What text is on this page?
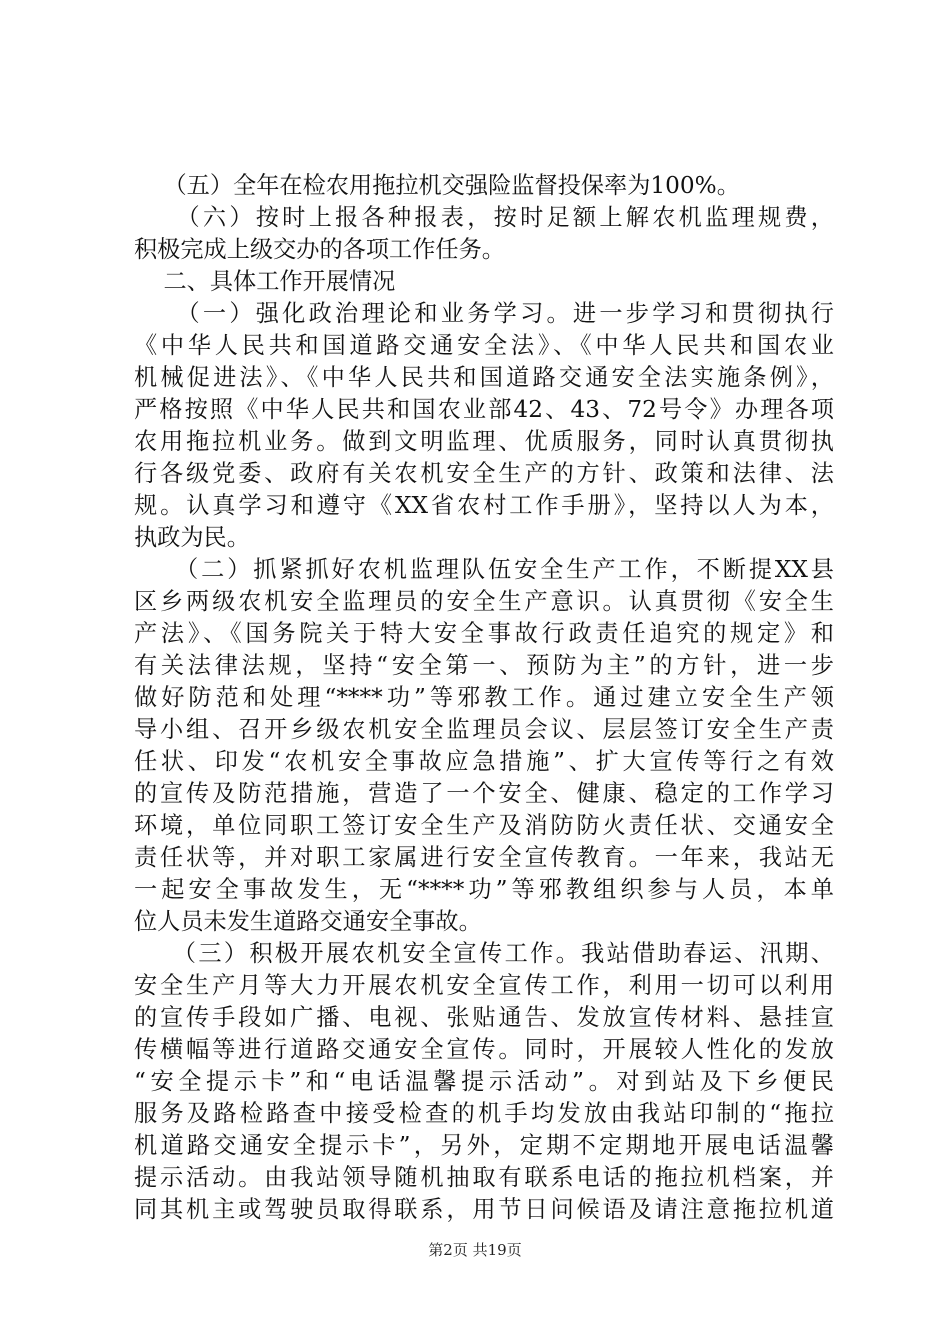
（五）全年在检农用拖拉机交强险监督投保率为100%。
（六）按时上报各种报表，按时足额上解农机监理规费，
积极完成上级交办的各项工作任务。
二、具体工作开展情况
（一）强化政治理论和业务学习。进一步学习和贯彻执行
《中华人民共和国道路交通安全法》、《中华人民共和国农业
机械促进法》、《中华人民共和国道路交通安全法实施条例》，
严格按照《中华人民共和国农业部42、43、72号令》办理各项
农用拖拉机业务。做到文明监理、优质服务，同时认真贯彻执
行各级党委、政府有关农机安全生产的方针、政策和法律、法
规。认真学习和遵守《XX省农村工作手册》，坚持以人为本，
执政为民。
（二）抓紧抓好农机监理队伍安全生产工作，不断提XX县
区乡两级农机安全监理员的安全生产意识。认真贯彻《安全生
产法》、《国务院关于特大安全事故行政责任追究的规定》和
有关法律法规，坚持“安全第一、预防为主”的方针，进一步
做好防范和处理“****功”等邪教工作。通过建立安全生产领
导小组、召开乡级农机安全监理员会议、层层签订安全生产责
任状、印发“农机安全事故应急措施”、扩大宣传等行之有效
的宣传及防范措施，营造了一个安全、健康、稳定的工作学习
环境，单位同职工签订安全生产及消防防火责任状、交通安全
责任状等，并对职工家属进行安全宣传教育。一年来，我站无
一起安全事故发生，无“****功”等邪教组织参与人员，本单
位人员未发生道路交通安全事故。
（三）积极开展农机安全宣传工作。我站借助春运、汛期、
安全生产月等大力开展农机安全宣传工作，利用一切可以利用
的宣传手段如广播、电视、张贴通告、发放宣传材料、悬挂宣
传横幅等进行道路交通安全宣传。同时，开展较人性化的发放
“安全提示卡”和“电话温馨提示活动”。对到站及下乡便民
服务及路检路查中接受检查的机手均发放由我站印制的“拖拉
机道路交通安全提示卡”，另外，定期不定期地开展电话温馨
提示活动。由我站领导随机抽取有联系电话的拖拉机档案，并
同其机主或驾驶员取得联系，用节日问候语及请注意拖拉机道
第2页 共19页
